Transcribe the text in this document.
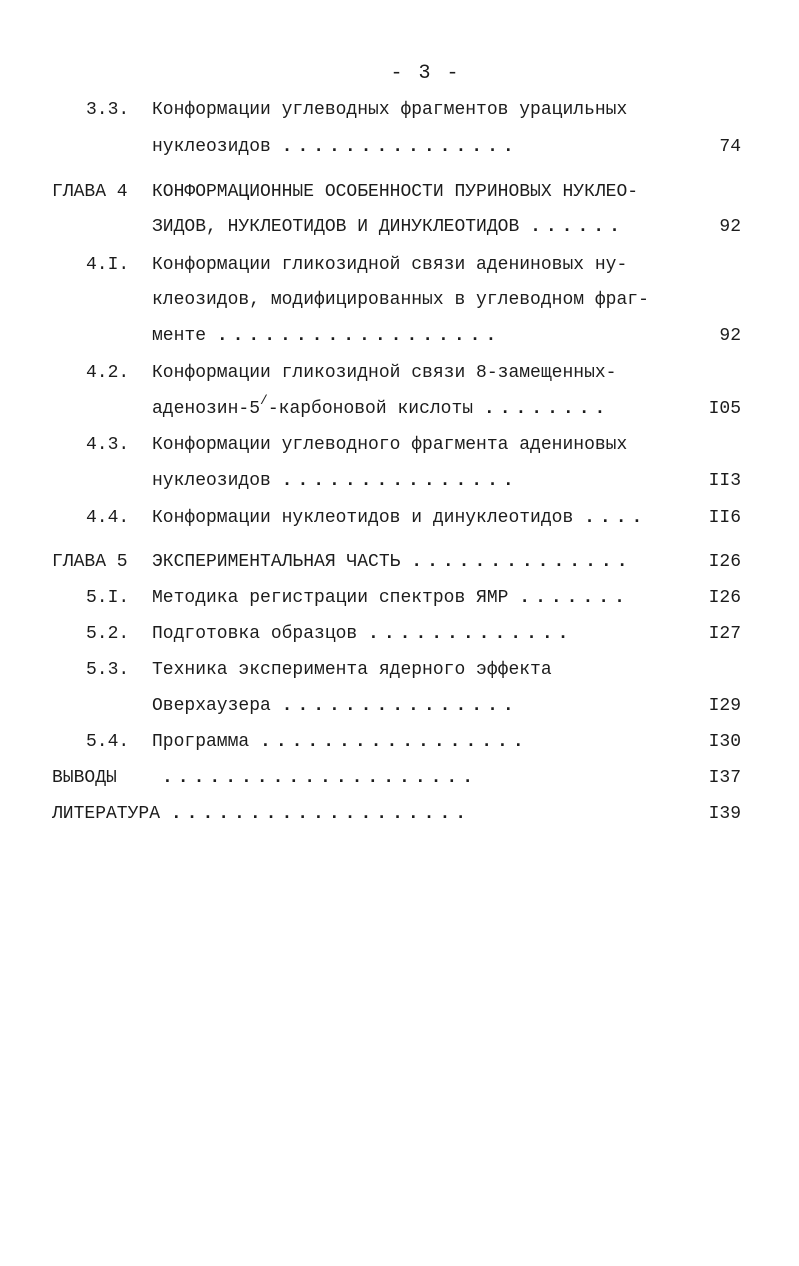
- 3 -
3.3. Конформации углеводных фрагментов урацильных
нуклеозидов ...............	74
ГЛАВА 4 КОНФОРМАЦИОННЫЕ ОСОБЕННОСТИ ПУРИНОВЫХ НУКЛЕО-
ЗИДОВ, НУКЛЕОТИДОВ И ДИНУКЛЕОТИДОВ ......	92
4.I. Конформации гликозидной связи адениновых ну-
клеозидов, модифицированных в углеводном фраг-
менте ..................	92
4.2. Конформации гликозидной связи 8-замещенных-
аденозин-5/-карбоновой кислоты ........	I05
4.3. Конформации углеводного фрагмента адениновых
нуклеозидов ...............	II3
4.4. Конформации нуклеотидов и динуклеотидов ....	II6
ГЛАВА 5 ЭКСПЕРИМЕНТАЛЬНАЯ ЧАСТЬ ..............	I26
5.I. Методика регистрации спектров ЯМР .......	I26
5.2. Подготовка образцов .............	I27
5.3. Техника эксперимента ядерного эффекта
Оверхаузера ...............	I29
5.4. Программа .................	I30
ВЫВОДЫ	....................	I37
ЛИТЕРАТУРА ...................	I39
